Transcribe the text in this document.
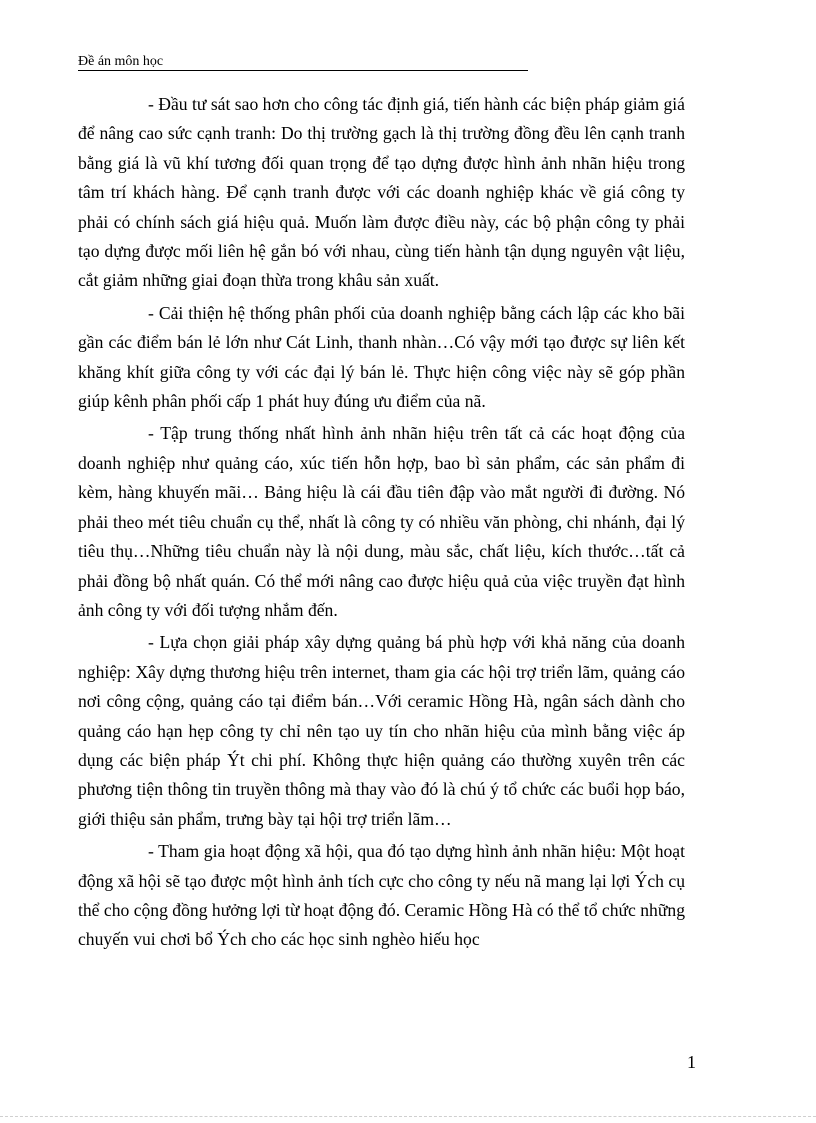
Đề án môn học

- Đầu tư sát sao hơn cho công tác định giá, tiến hành các biện pháp giảm giá để nâng cao sức cạnh tranh: Do thị trường gạch là thị trường đồng đều lên cạnh tranh bằng giá là vũ khí tương đối quan trọng để tạo dựng được hình ảnh nhãn hiệu trong tâm trí khách hàng. Để cạnh tranh được với các doanh nghiệp khác về giá công ty phải có chính sách giá hiệu quả. Muốn làm được điều này, các bộ phận công ty phải tạo dựng được mối liên hệ gắn bó với nhau, cùng tiến hành tận dụng nguyên vật liệu, cắt giảm những giai đoạn thừa trong khâu sản xuất.

- Cải thiện hệ thống phân phối của doanh nghiệp bằng cách lập các kho bãi gần các điểm bán lẻ lớn như Cát Linh, thanh nhàn…Có vậy mới tạo được sự liên kết khăng khít giữa công ty với các đại lý bán lẻ. Thực hiện công việc này sẽ góp phần giúp kênh phân phối cấp 1 phát huy đúng ưu điểm của nã.

- Tập trung thống nhất hình ảnh nhãn hiệu trên tất cả các hoạt động của doanh nghiệp như quảng cáo, xúc tiến hỗn hợp, bao bì sản phẩm, các sản phẩm đi kèm, hàng khuyến mãi… Bảng hiệu là cái đầu tiên đập vào mắt người đi đường. Nó phải theo mét tiêu chuẩn cụ thể, nhất là công ty có nhiều văn phòng, chi nhánh, đại lý tiêu thụ…Những tiêu chuẩn này là nội dung, màu sắc, chất liệu, kích thước…tất cả phải đồng bộ nhất quán. Có thể mới nâng cao được hiệu quả của việc truyền đạt hình ảnh công ty với đối tượng nhắm đến.

- Lựa chọn giải pháp xây dựng quảng bá phù hợp với khả năng của doanh nghiệp: Xây dựng thương hiệu trên internet, tham gia các hội trợ triển lãm, quảng cáo nơi công cộng, quảng cáo tại điểm bán…Với ceramic Hồng Hà, ngân sách dành cho quảng cáo hạn hẹp công ty chỉ nên tạo uy tín cho nhãn hiệu của mình bằng việc áp dụng các biện pháp Ýt chi phí. Không thực hiện quảng cáo thường xuyên trên các phương tiện thông tin truyền thông mà thay vào đó là chú ý tổ chức các buổi họp báo, giới thiệu sản phẩm, trưng bày tại hội trợ triển lãm…

- Tham gia hoạt động xã hội, qua đó tạo dựng hình ảnh nhãn hiệu: Một hoạt động xã hội sẽ tạo được một hình ảnh tích cực cho công ty nếu nã mang lại lợi Ých cụ thể cho cộng đồng hưởng lợi từ hoạt động đó. Ceramic Hồng Hà có thể tổ chức những chuyến vui chơi bổ Ých cho các học sinh nghèo hiếu học

1
